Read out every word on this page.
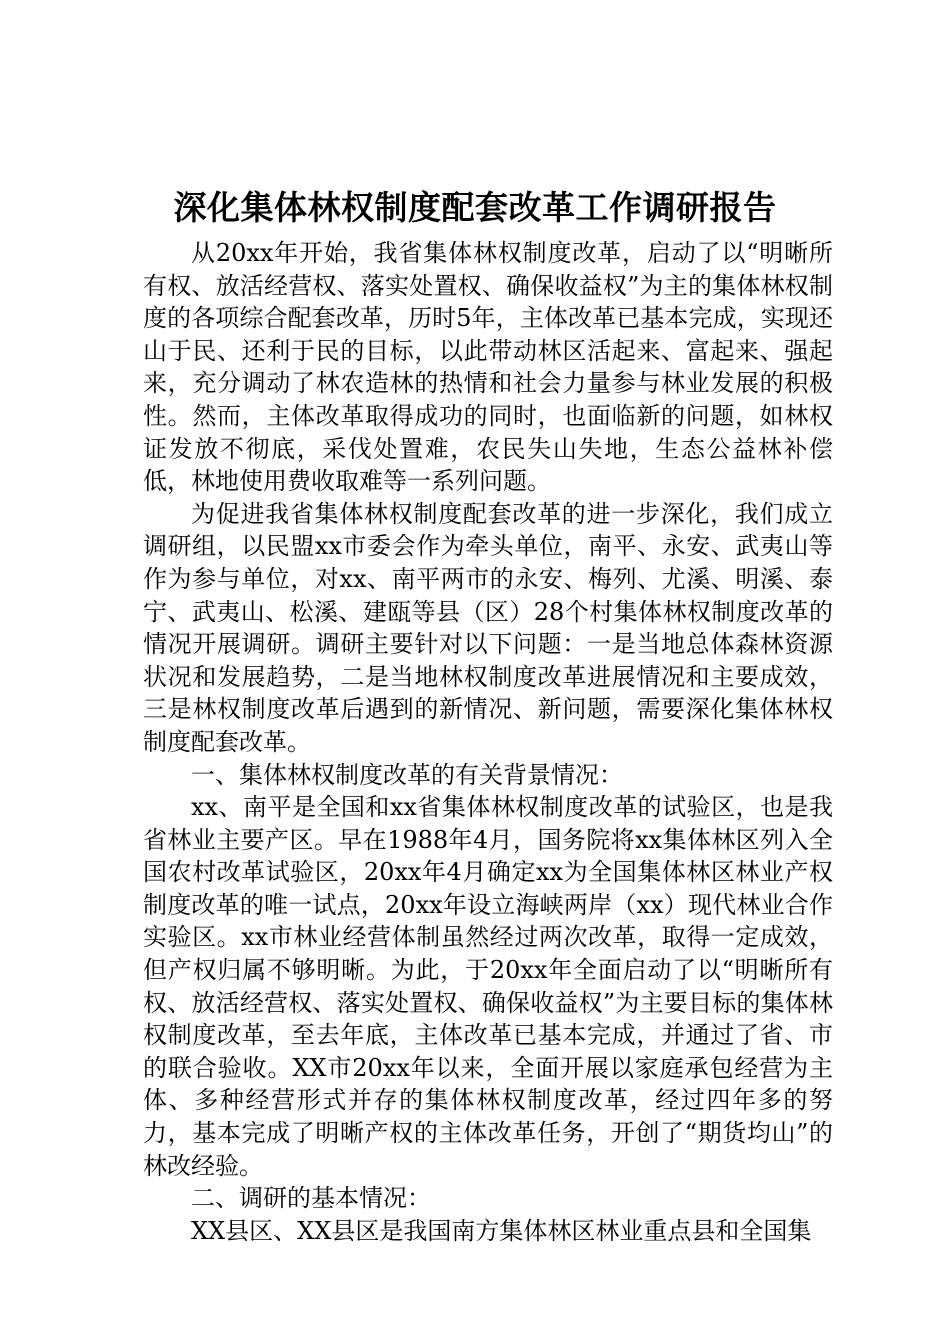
深化集体林权制度配套改革工作调研报告

从20xx年开始，我省集体林权制度改革，启动了以“明晰所有权、放活经营权、落实处置权、确保收益权”为主的集体林权制度的各项综合配套改革，历时5年，主体改革已基本完成，实现还山于民、还利于民的目标，以此带动林区活起来、富起来、强起来，充分调动了林农造林的热情和社会力量参与林业发展的积极性。然而，主体改革取得成功的同时，也面临新的问题，如林权证发放不彻底，采伐处置难，农民失山失地，生态公益林补偿低，林地使用费收取难等一系列问题。

为促进我省集体林权制度配套改革的进一步深化，我们成立调研组，以民盟xx市委会作为牵头单位，南平、永安、武夷山等作为参与单位，对xx、南平两市的永安、梅列、尤溪、明溪、泰宁、武夷山、松溪、建瓯等县（区）28个村集体林权制度改革的情况开展调研。调研主要针对以下问题：一是当地总体森林资源状况和发展趋势，二是当地林权制度改革进展情况和主要成效，三是林权制度改革后遇到的新情况、新问题，需要深化集体林权制度配套改革。

一、集体林权制度改革的有关背景情况：

xx、南平是全国和xx省集体林权制度改革的试验区，也是我省林业主要产区。早在1988年4月，国务院将xx集体林区列入全国农村改革试验区，20xx年4月确定xx为全国集体林区林业产权制度改革的唯一试点，20xx年设立海峡两岸（xx）现代林业合作实验区。xx市林业经营体制虽然经过两次改革，取得一定成效，但产权归属不够明晰。为此，于20xx年全面启动了以“明晰所有权、放活经营权、落实处置权、确保收益权”为主要目标的集体林权制度改革，至去年底，主体改革已基本完成，并通过了省、市的联合验收。XX市20xx年以来，全面开展以家庭承包经营为主体、多种经营形式并存的集体林权制度改革，经过四年多的努力，基本完成了明晰产权的主体改革任务，开创了“期货均山”的林改经验。

二、调研的基本情况：

XX县区、XX县区是我国南方集体林区林业重点县和全国集
